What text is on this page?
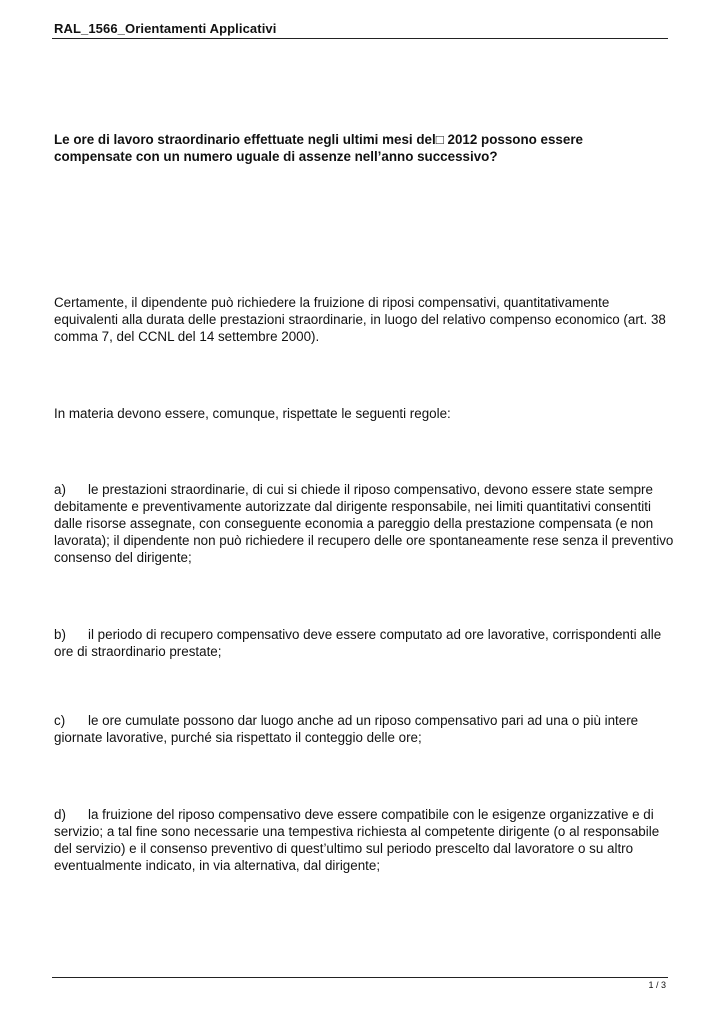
RAL_1566_Orientamenti Applicativi
Le ore di lavoro straordinario effettuate negli ultimi mesi del□ 2012 possono essere compensate con un numero uguale di assenze nell’anno successivo?
Certamente, il dipendente può richiedere la fruizione di riposi compensativi, quantitativamente equivalenti alla durata delle prestazioni straordinarie, in luogo del relativo compenso economico (art. 38 comma 7, del CCNL del 14 settembre 2000).
In materia devono essere, comunque, rispettate le seguenti regole:
a) le prestazioni straordinarie, di cui si chiede il riposo compensativo, devono essere state sempre debitamente e preventivamente autorizzate dal dirigente responsabile, nei limiti quantitativi consentiti dalle risorse assegnate, con conseguente economia a pareggio della prestazione compensata (e non lavorata); il dipendente non può richiedere il recupero delle ore spontaneamente rese senza il preventivo consenso del dirigente;
b) il periodo di recupero compensativo deve essere computato ad ore lavorative, corrispondenti alle ore di straordinario prestate;
c) le ore cumulate possono dar luogo anche ad un riposo compensativo pari ad una o più intere giornate lavorative, purché sia rispettato il conteggio delle ore;
d) la fruizione del riposo compensativo deve essere compatibile con le esigenze organizzative e di servizio; a tal fine sono necessarie una tempestiva richiesta al competente dirigente (o al responsabile del servizio) e il consenso preventivo di quest’ultimo sul periodo prescelto dal lavoratore o su altro eventualmente indicato, in via alternativa, dal dirigente;
1 / 3
